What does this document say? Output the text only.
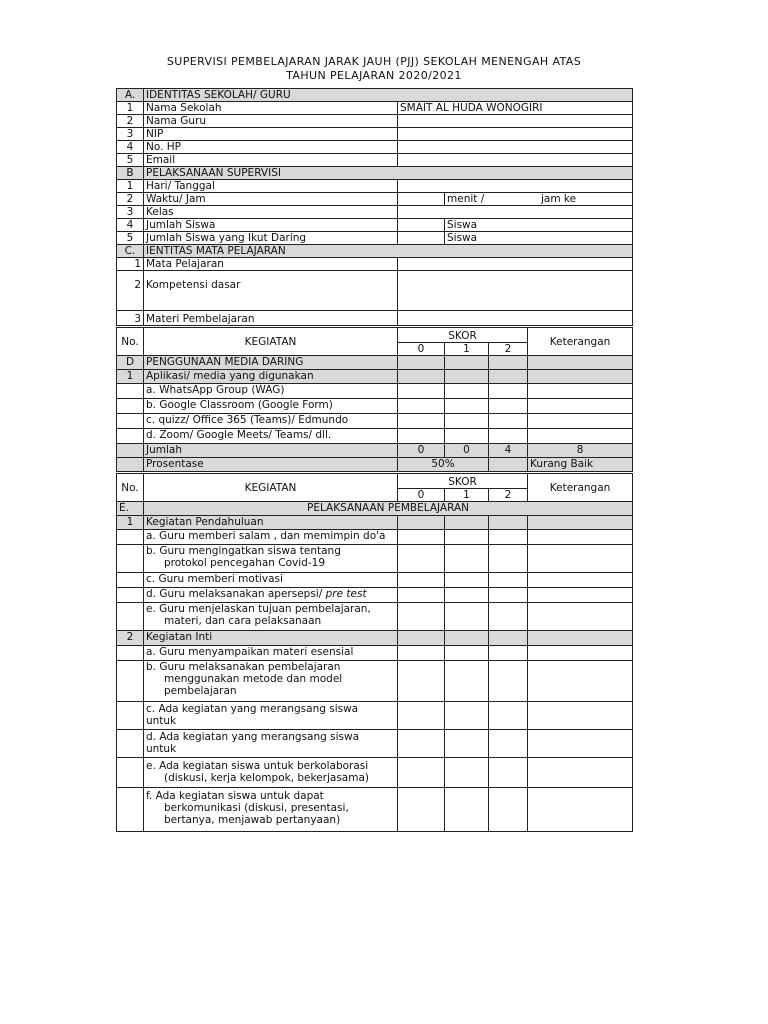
SUPERVISI PEMBELAJARAN JARAK JAUH (PJJ) SEKOLAH MENENGAH ATAS
TAHUN PELAJARAN 2020/2021
A.	IDENTITAS SEKOLAH/ GURU		
1	Nama Sekolah	SMAIT AL HUDA WONOGIRI	
2	Nama Guru		
3	NIP		
4	No. HP		
5	Email		
B	PELAKSANAAN SUPERVISI		
1	Hari/ Tanggal		
2	Waktu/ Jam		menit / jam ke

3	Kelas		
4	Jumlah Siswa		Siswa
5	Jumlah Siswa yang Ikut Daring		Siswa
C.	IENTITAS MATA PELAJARAN		
1	Mata Pelajaran		
2	Kompetensi dasar		
3	Materi Pembelajaran		
No.	KEGIATAN	SKOR			Keterangan
		0	1	2	
D	PENGGUNAAN MEDIA DARING				
1	Aplikasi/ media yang digunakan				
	a. WhatsApp Group (WAG)				
	b. Google Classroom (Google Form)				
	c. quizz/ Office 365 (Teams)/ Edmundo				
	d. Zoom/ Google Meets/ Teams/ dll.				
	Jumlah	0	0	4	8
	Prosentase	50%			Kurang Baik
No.	KEGIATAN	SKOR			Keterangan
		0	1	2	
E.	PELAKSANAAN PEMBELAJARAN				
1	Kegiatan Pendahuluan				
	a. Guru memberi salam , dan memimpin do'a				

	b. Guru mengingatkan siswa tentang
protokol pencegahan Covid-19				

	c. Guru memberi motivasi				
	d. Guru melaksanakan apersepsi/ pre test				

	e. Guru menjelaskan tujuan pembelajaran,
materi, dan cara pelaksanaan				

2	Kegiatan Inti				
	a. Guru menyampaikan materi esensial				

	b. Guru melaksanakan pembelajaran
menggunakan metode dan model
pembelajaran				

	c. Ada kegiatan yang merangsang siswa
untuk				

	d. Ada kegiatan yang merangsang siswa
untuk				

	e. Ada kegiatan siswa untuk berkolaborasi
(diskusi, kerja kelompok, bekerjasama)				

	f. Ada kegiatan siswa untuk dapat
berkomunikasi (diskusi, presentasi,
bertanya, menjawab pertanyaan)				
